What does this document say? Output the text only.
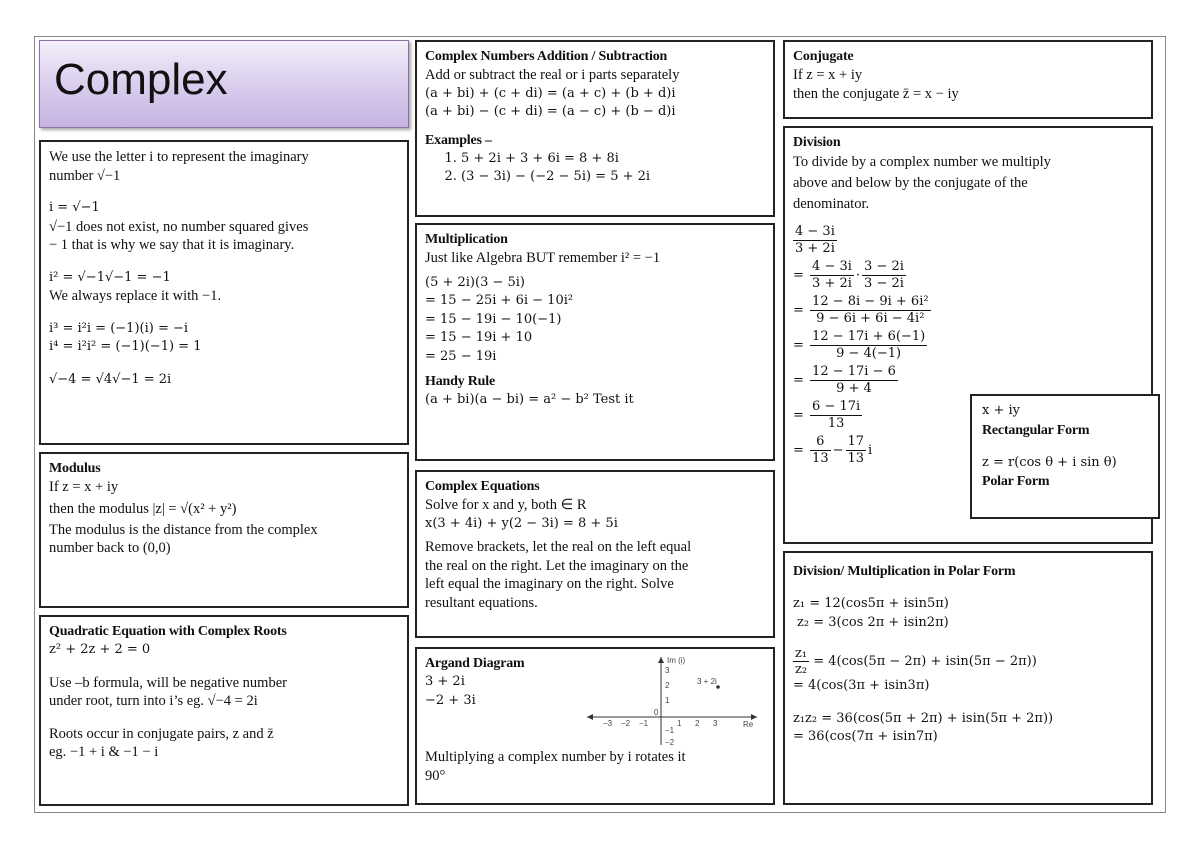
Complex
We use the letter i to represent the imaginary
number √−1
i = √−1
√−1 does not exist, no number squared gives
− 1 that is why we say that it is imaginary.
i² = √−1√−1 = −1
We always replace it with −1.
i³ = i²i = (−1)(i) = −i
i⁴ = i²i² = (−1)(−1) = 1
√−4 = √4√−1 = 2i
Modulus
If z = x + iy
then the modulus |z| = √(x² + y²)
The modulus is the distance from the complex
number back to (0,0)
Quadratic Equation with Complex Roots
z² + 2z + 2 = 0
Use –b formula, will be negative number
under root, turn into i’s eg. √−4 = 2i
Roots occur in conjugate pairs, z and z̄
eg. −1 + i & −1 − i
Complex Numbers Addition / Subtraction
Add or subtract the real or i parts separately
(a + bi) + (c + di) = (a + c) + (b + d)i
(a + bi) − (c + di) = (a − c) + (b − d)i
Examples –
1. 5 + 2i + 3 + 6i = 8 + 8i
2. (3 − 3i) − (−2 − 5i) = 5 + 2i
Multiplication
Just like Algebra BUT remember i² = −1
(5 + 2i)(3 − 5i)
= 15 − 25i + 6i − 10i²
= 15 − 19i − 10(−1)
= 15 − 19i + 10
= 25 − 19i
Handy Rule
(a + bi)(a − bi) = a² − b² Test it
Complex Equations
Solve for x and y, both ∈ R
x(3 + 4i) + y(2 − 3i) = 8 + 5i
Remove brackets, let the real on the left equal
the real on the right. Let the imaginary on the
left equal the imaginary on the right. Solve
resultant equations.
Argand Diagram
3 + 2i
−2 + 3i
Im (i)
Re
−3 −2 −1
0
1 2 3
3
2
1
−1
−2
3 + 2i
Multiplying a complex number by i rotates it
90°
Conjugate
If z = x + iy
then the conjugate z̄ = x − iy
Division
To divide by a complex number we multiply
above and below by the conjugate of the
denominator.
$\frac{4 - 3i}{3 + 2i}$
= $\frac{4 - 3i}{3 + 2i} \cdot \frac{3 - 2i}{3 - 2i}$
= $\frac{\text{12 − 8i − 9i + 6i²}}{\text{9 − 6i + 6i − 4i²}}$
= $\frac{12 - 17i + 6(-1)}{9 - 4(-1)}$
= $\frac{12 - 17i - 6}{9 + 4}$
= $\frac{6 - 17i}{13}$
= $\frac{6}{13} - \frac{17}{13}$ i
x + iy
Rectangular Form
z = r(cos θ + i sin θ)
Polar Form
Division/ Multiplication in Polar Form
z₁ = 12(cos5π + isin5π)
z₂ = 3(cos 2π + isin2π)
$\frac{\text{z₁}}{\text{z₂}} = 4(\cos(5\pi - 2\pi) + isin(5\pi - 2\pi))$
= 4(cos(3π + isin3π)
z₁z₂ = 36(cos(5π + 2π) + isin(5π + 2π))
= 36(cos(7π + isin7π)
